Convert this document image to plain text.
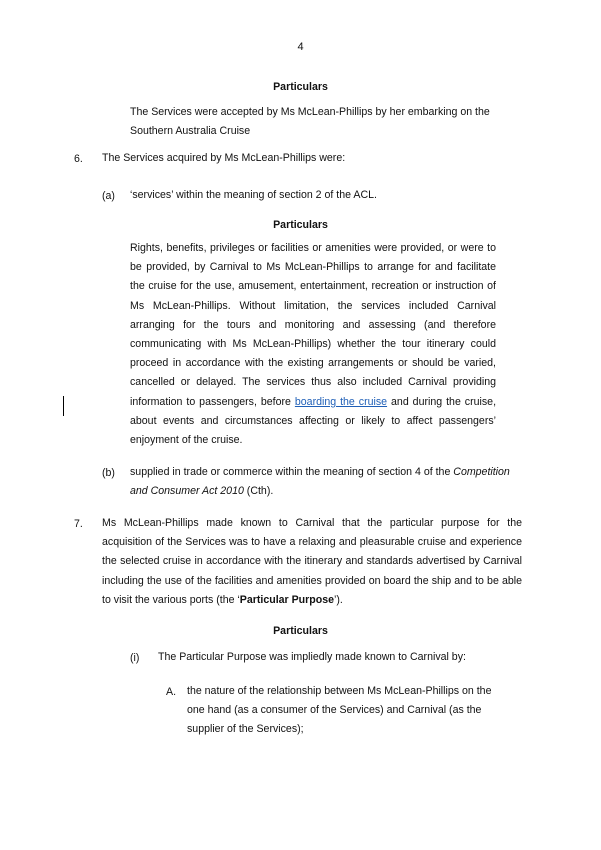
4
Particulars
The Services were accepted by Ms McLean-Phillips by her embarking on the Southern Australia Cruise
6. The Services acquired by Ms McLean-Phillips were:
(a) ‘services’ within the meaning of section 2 of the ACL.
Particulars
Rights, benefits, privileges or facilities or amenities were provided, or were to be provided, by Carnival to Ms McLean-Phillips to arrange for and facilitate the cruise for the use, amusement, entertainment, recreation or instruction of Ms McLean-Phillips. Without limitation, the services included Carnival arranging for the tours and monitoring and assessing (and therefore communicating with Ms McLean-Phillips) whether the tour itinerary could proceed in accordance with the existing arrangements or should be varied, cancelled or delayed. The services thus also included Carnival providing information to passengers, before boarding the cruise and during the cruise, about events and circumstances affecting or likely to affect passengers’ enjoyment of the cruise.
(b) supplied in trade or commerce within the meaning of section 4 of the Competition and Consumer Act 2010 (Cth).
7. Ms McLean-Phillips made known to Carnival that the particular purpose for the acquisition of the Services was to have a relaxing and pleasurable cruise and experience the selected cruise in accordance with the itinerary and standards advertised by Carnival including the use of the facilities and amenities provided on board the ship and to be able to visit the various ports (the ‘Particular Purpose’).
Particulars
(i) The Particular Purpose was impliedly made known to Carnival by:
A. the nature of the relationship between Ms McLean-Phillips on the one hand (as a consumer of the Services) and Carnival (as the supplier of the Services);
